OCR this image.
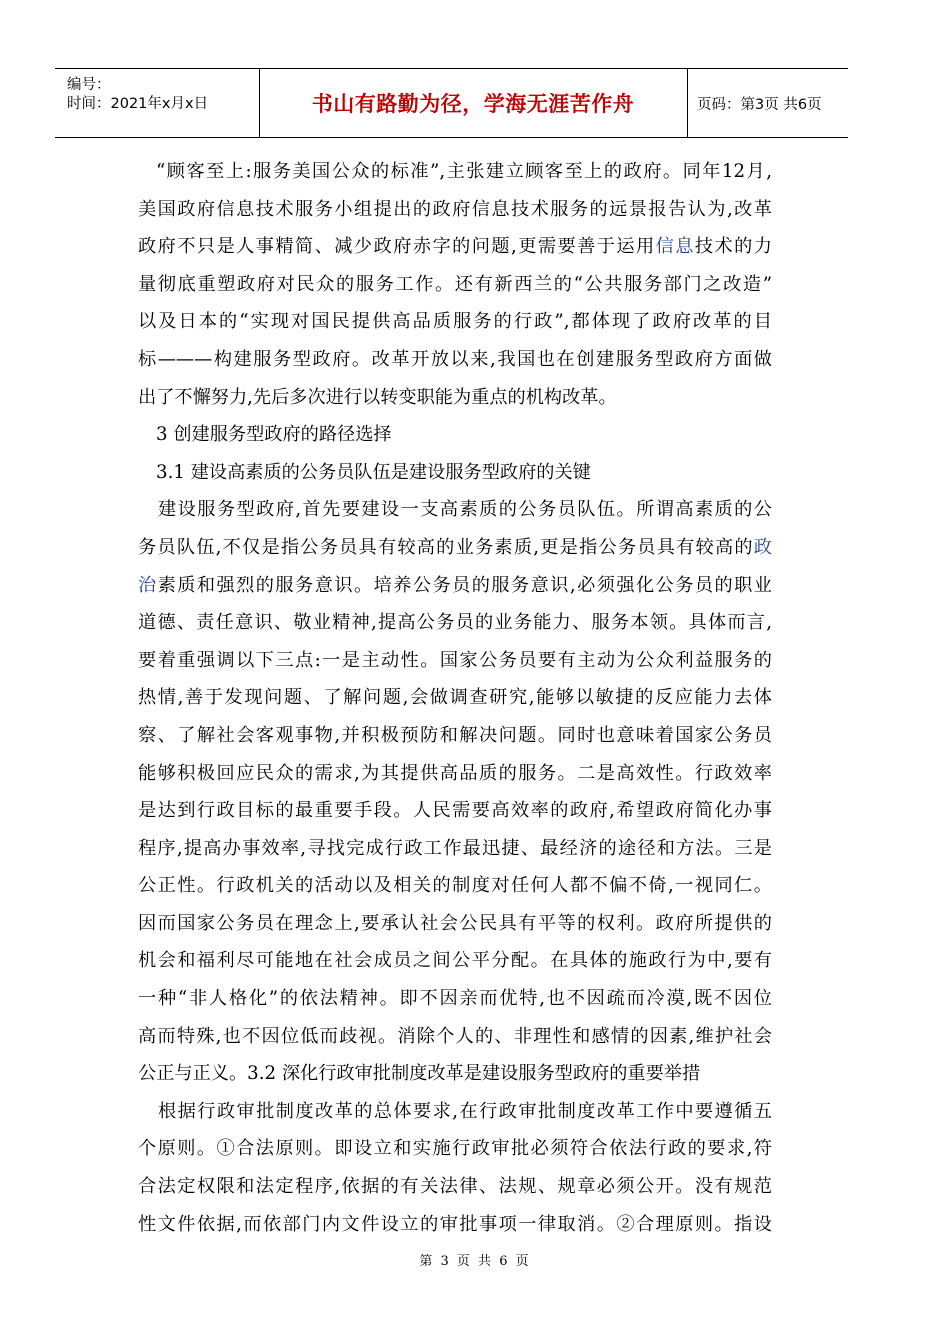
编号：
时间：2021年x月x日	书山有路勤为径，学海无涯苦作舟	页码：第3页 共6页
“顾客至上:服务美国公众的标准”,主张建立顾客至上的政府。同年12月,
美国政府信息技术服务小组提出的政府信息技术服务的远景报告认为,改革
政府不只是人事精简、减少政府赤字的问题,更需要善于运用信息技术的力
量彻底重塑政府对民众的服务工作。还有新西兰的“公共服务部门之改造”
以及日本的“实现对国民提供高品质服务的行政”,都体现了政府改革的目
标———构建服务型政府。改革开放以来,我国也在创建服务型政府方面做
出了不懈努力,先后多次进行以转变职能为重点的机构改革。
3 创建服务型政府的路径选择
3.1 建设高素质的公务员队伍是建设服务型政府的关键
建设服务型政府,首先要建设一支高素质的公务员队伍。所谓高素质的公
务员队伍,不仅是指公务员具有较高的业务素质,更是指公务员具有较高的政
治素质和强烈的服务意识。培养公务员的服务意识,必须强化公务员的职业
道德、责任意识、敬业精神,提高公务员的业务能力、服务本领。具体而言,
要着重强调以下三点:一是主动性。国家公务员要有主动为公众利益服务的
热情,善于发现问题、了解问题,会做调查研究,能够以敏捷的反应能力去体
察、了解社会客观事物,并积极预防和解决问题。同时也意味着国家公务员
能够积极回应民众的需求,为其提供高品质的服务。二是高效性。行政效率
是达到行政目标的最重要手段。人民需要高效率的政府,希望政府简化办事
程序,提高办事效率,寻找完成行政工作最迅捷、最经济的途径和方法。三是
公正性。行政机关的活动以及相关的制度对任何人都不偏不倚,一视同仁。
因而国家公务员在理念上,要承认社会公民具有平等的权利。政府所提供的
机会和福利尽可能地在社会成员之间公平分配。在具体的施政行为中,要有
一种“非人格化”的依法精神。即不因亲而优特,也不因疏而冷漠,既不因位
高而特殊,也不因位低而歧视。消除个人的、非理性和感情的因素,维护社会
公正与正义。3.2 深化行政审批制度改革是建设服务型政府的重要举措
根据行政审批制度改革的总体要求,在行政审批制度改革工作中要遵循五
个原则。①合法原则。即设立和实施行政审批必须符合依法行政的要求,符
合法定权限和法定程序,依据的有关法律、法规、规章必须公开。没有规范
性文件依据,而依部门内文件设立的审批事项一律取消。②合理原则。指设
第 3 页 共 6 页
